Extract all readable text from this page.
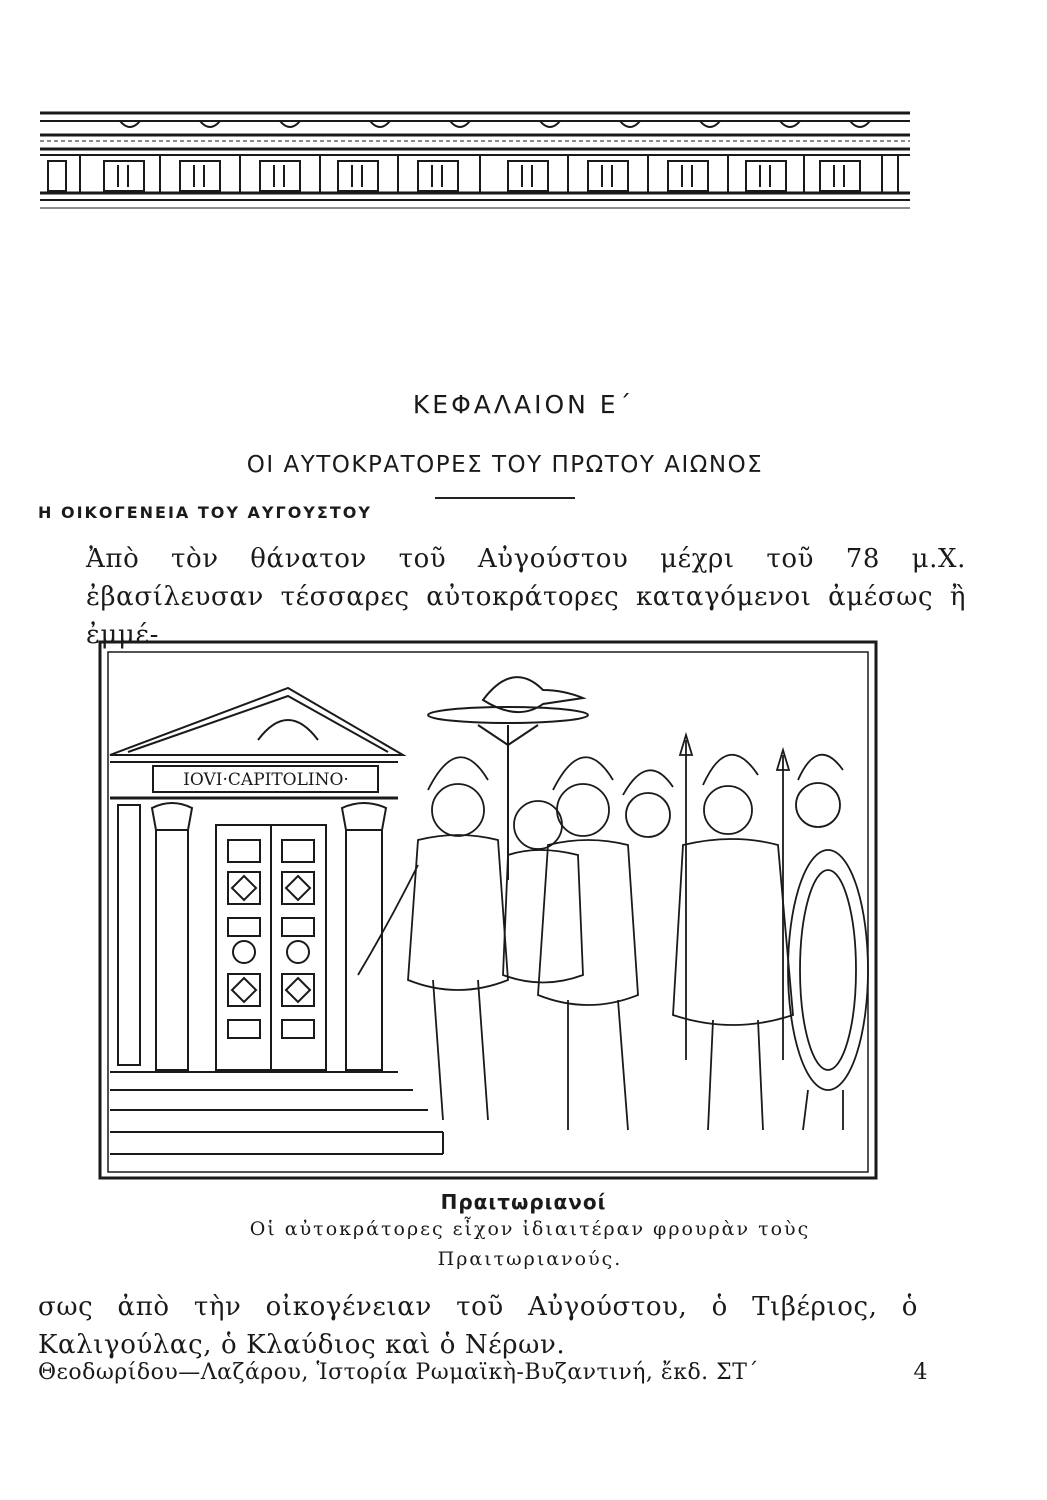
ΚΕΦΑΛΑΙΟΝ Ε΄
ΟΙ ΑΥΤΟΚΡΑΤΟΡΕΣ ΤΟΥ ΠΡΩΤΟΥ ΑΙΩΝΟΣ
Η ΟΙΚΟΓΕΝΕΙΑ ΤΟΥ ΑΥΓΟΥΣΤΟΥ
Ἀπὸ τὸν θάνατον τοῦ Αὐγούστου μέχρι τοῦ 78 μ.Χ. ἐβασίλευσαν τέσσαρες αὐτοκράτορες καταγόμενοι ἀμέσως ἢ ἐμμέ-
IOVI·CAPITOLINO·
Πραιτωριανοί
Οἱ αὐτοκράτορες εἶχον ἰδιαιτέραν φρουρὰν τοὺς Πραιτωριανούς.
σως ἀπὸ τὴν οἰκογένειαν τοῦ Αὐγούστου, ὁ Τιβέριος, ὁ Καλιγούλας, ὁ Κλαύδιος καὶ ὁ Νέρων.
Θεοδωρίδου—Λαζάρου, Ἱστορία Ρωμαϊκὴ-Βυζαντινή, ἔκδ. ΣΤ΄	4
